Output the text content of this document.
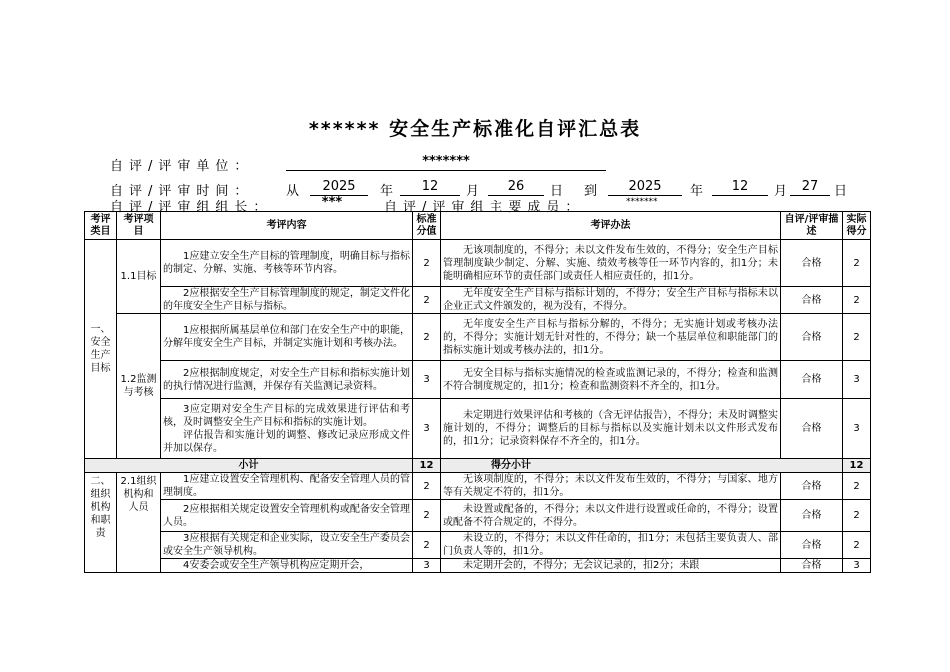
****** 安全生产标准化自评汇总表
自评/评审单位：	*******
自评/评审时间：	从	2025	年	12	月	26	日 到	2025	年	12	月	27	日
自评/评审组组长：	***	自评/评审组主要成员：	*******
考评类目	考评项目	考评内容	标准分值	考评办法	自评/评审描述	实际得分
一、安全生产目标	1.1目标	1应建立安全生产目标的管理制度，明确目标与指标的制定、分解、实施、考核等环节内容。	2	无该项制度的，不得分；未以文件发布生效的，不得分；安全生产目标管理制度缺少制定、分解、实施、绩效考核等任一环节内容的，扣1分；未能明确相应环节的责任部门或责任人相应责任的，扣1分。	合格	2
		2应根据安全生产目标管理制度的规定，制定文件化的年度安全生产目标与指标。	2	无年度安全生产目标与指标计划的，不得分；安全生产目标与指标未以企业正式文件颁发的，视为没有，不得分。	合格	2
	1.2监测与考核	1应根据所属基层单位和部门在安全生产中的职能，分解年度安全生产目标，并制定实施计划和考核办法。	2	无年度安全生产目标与指标分解的，不得分；无实施计划或考核办法的，不得分；实施计划无针对性的，不得分；缺一个基层单位和职能部门的指标实施计划或考核办法的，扣1分。	合格	2
		2应根据制度规定，对安全生产目标和指标实施计划的执行情况进行监测，并保存有关监测记录资料。	3	无安全目标与指标实施情况的检查或监测记录的，不得分；检查和监测不符合制度规定的，扣1分；检查和监测资料不齐全的，扣1分。	合格	3

		3应定期对安全生产目标的完成效果进行评估和考核，及时调整安全生产目标和指标的实施计划。
评估报告和实施计划的调整、修改记录应形成文件并加以保存。	3	未定期进行效果评估和考核的（含无评估报告），不得分；未及时调整实施计划的，不得分；调整后的目标与指标以及实施计划未以文件形式发布的，扣1分；记录资料保存不齐全的，扣1分。	合格	3
小计			12	得分小计		12
二、组织机构和职责	2.1组织机构和人员	1应建立设置安全管理机构、配备安全管理人员的管理制度。	2	无该项制度的，不得分；未以文件发布生效的，不得分；与国家、地方等有关规定不符的，扣1分。	合格	2
		2应根据相关规定设置安全管理机构或配备安全管理人员。	2	未设置或配备的，不得分；未以文件进行设置或任命的，不得分；设置或配备不符合规定的，不得分。	合格	2
		3应根据有关规定和企业实际，设立安全生产委员会或安全生产领导机构。	2	未设立的，不得分；未以文件任命的，扣1分；未包括主要负责人、部门负责人等的，扣1分。	合格	2
		4安委会或安全生产领导机构应定期开会，	3	未定期开会的，不得分；无会议记录的，扣2分；未跟	合格	3
